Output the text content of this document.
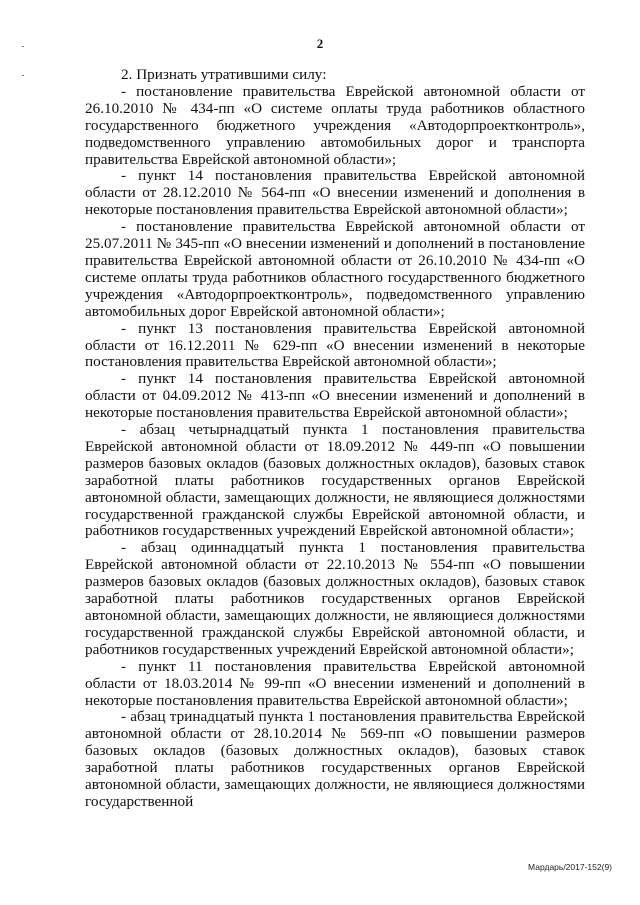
2

2. Признать утратившими силу:

- постановление правительства Еврейской автономной области от 26.10.2010 № 434-пп «О системе оплаты труда работников областного государственного бюджетного учреждения «Автодорпроектконтроль», подведомственного управлению автомобильных дорог и транспорта правительства Еврейской автономной области»;

- пункт 14 постановления правительства Еврейской автономной области от 28.12.2010 № 564-пп «О внесении изменений и дополнения в некоторые постановления правительства Еврейской автономной области»;

- постановление правительства Еврейской автономной области от 25.07.2011 № 345-пп «О внесении изменений и дополнений в постановление правительства Еврейской автономной области от 26.10.2010 № 434-пп «О системе оплаты труда работников областного государственного бюджетного учреждения «Автодорпроектконтроль», подведомственного управлению автомобильных дорог Еврейской автономной области»;

- пункт 13 постановления правительства Еврейской автономной области от 16.12.2011 № 629-пп «О внесении изменений в некоторые постановления правительства Еврейской автономной области»;

- пункт 14 постановления правительства Еврейской автономной области от 04.09.2012 № 413-пп «О внесении изменений и дополнений в некоторые постановления правительства Еврейской автономной области»;

- абзац четырнадцатый пункта 1 постановления правительства Еврейской автономной области от 18.09.2012 № 449-пп «О повышении размеров базовых окладов (базовых должностных окладов), базовых ставок заработной платы работников государственных органов Еврейской автономной области, замещающих должности, не являющиеся должностями государственной гражданской службы Еврейской автономной области, и работников государственных учреждений Еврейской автономной области»;

- абзац одиннадцатый пункта 1 постановления правительства Еврейской автономной области от 22.10.2013 № 554-пп «О повышении размеров базовых окладов (базовых должностных окладов), базовых ставок заработной платы работников государственных органов Еврейской автономной области, замещающих должности, не являющиеся должностями государственной гражданской службы Еврейской автономной области, и работников государственных учреждений Еврейской автономной области»;

- пункт 11 постановления правительства Еврейской автономной области от 18.03.2014 № 99-пп «О внесении изменений и дополнений в некоторые постановления правительства Еврейской автономной области»;

- абзац тринадцатый пункта 1 постановления правительства Еврейской автономной области от 28.10.2014 № 569-пп «О повышении размеров базовых окладов (базовых должностных окладов), базовых ставок заработной платы работников государственных органов Еврейской автономной области, замещающих должности, не являющиеся должностями государственной

Мардарь/2017-152(9)
